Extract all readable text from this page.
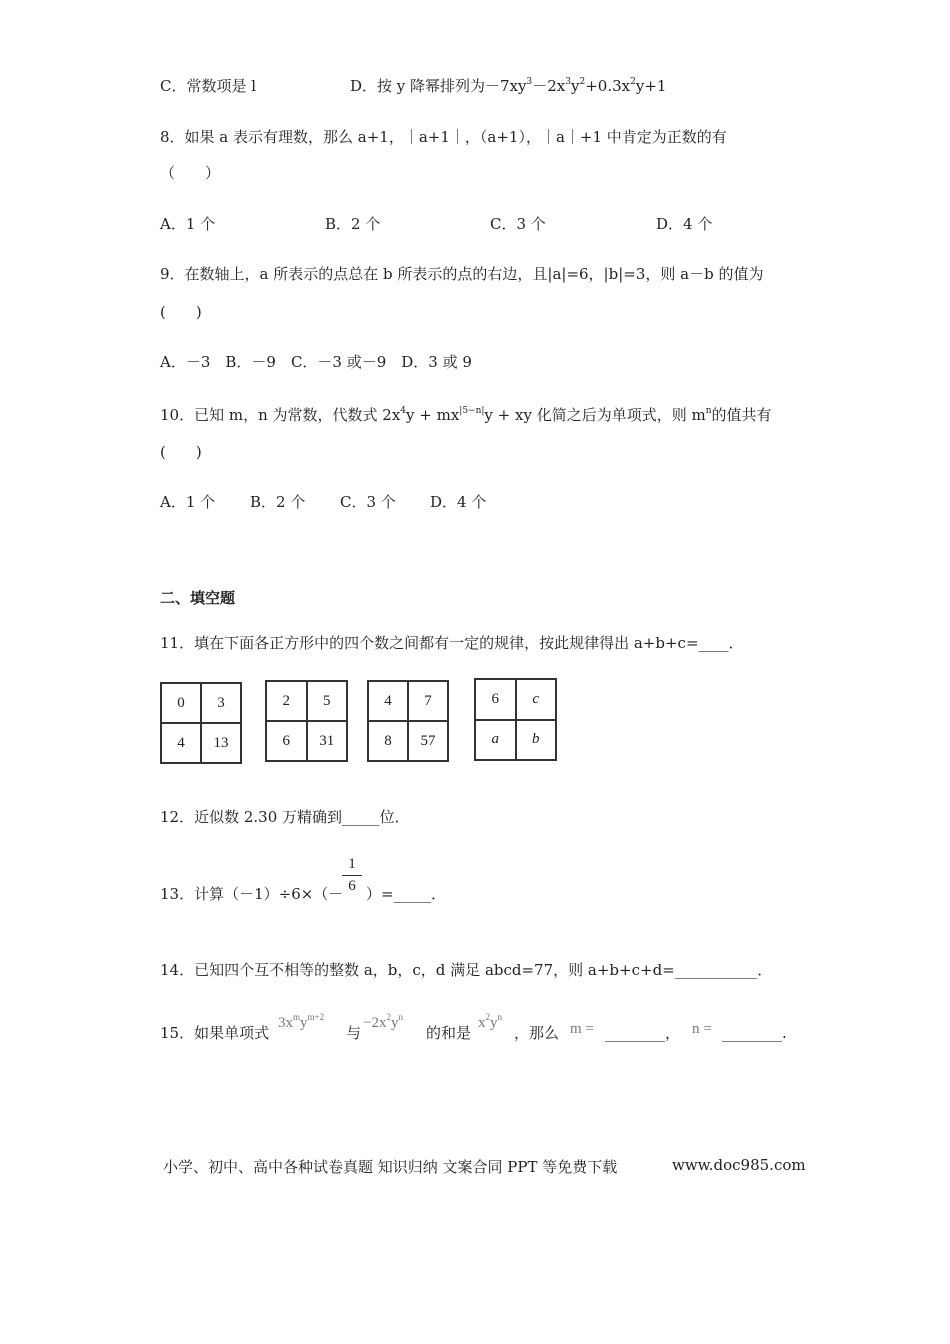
C．常数项是 l	D．按 y 降幂排列为$-7xy^3-2x^3y^2+0.3x^2y+1$
8．如果 a 表示有理数，那么 a+1，｜a+1｜，（a+1），｜a｜+1 中肯定为正数的有
（　　）
A．1 个	B．2 个	C．3 个	D．4 个
9．在数轴上，a 所表示的点总在 b 所表示的点的右边，且|a|=6，|b|=3，则 a－b 的值为
(　　)
A．－3　B．－9　C．－3 或－9　D．3 或 9
10．已知 m，n 为常数，代数式 $2x^4y + mx^{|5-n|}y$ + xy 化简之后为单项式，则 $m^n$的值共有
(　　)
A．1 个 B．2 个 C．3 个 D．4 个
二、填空题
11．填在下面各正方形中的四个数之间都有一定的规律，按此规律得出 a+b+c=____．
0	3
4	13
2	5
6	31
4	7
8	57
6	c
a	b
12．近似数 2.30 万精确到_____位．
13．计算（－1）÷6×（－
1
6 ）=_____．
14．已知四个互不相等的整数 a，b，c，d 满足 abcd=77，则 a+b+c+d=___________．
15．如果单项式
$3x^my^{m+2}$
与
$-2x^2y^n$
的和是
$x^2y^n$
，那么 m = ________， n = ________.
小学、初中、高中各种试卷真题 知识归纳 文案合同 PPT 等免费下载	www.doc985.com
